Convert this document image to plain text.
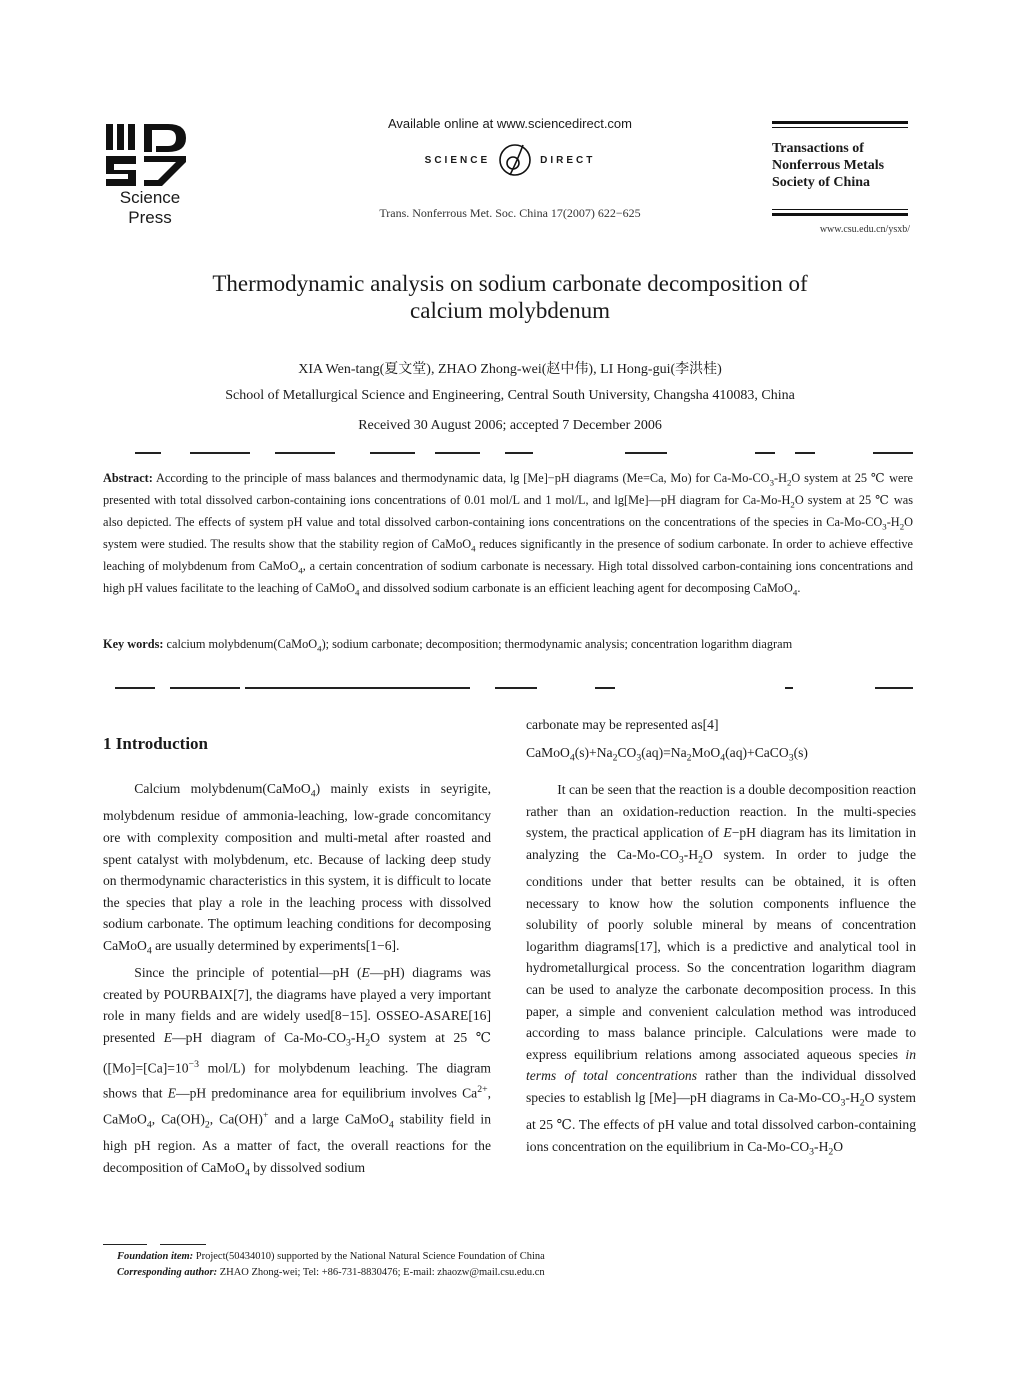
Science
Press
Available online at www.sciencedirect.com
SCIENCE	DIRECT
Trans. Nonferrous Met. Soc. China 17(2007) 622−625
Transactions of
Nonferrous Metals
Society of China
www.csu.edu.cn/ysxb/
Thermodynamic analysis on sodium carbonate decomposition of
calcium molybdenum
XIA Wen-tang(夏文堂), ZHAO Zhong-wei(赵中伟), LI Hong-gui(李洪桂)
School of Metallurgical Science and Engineering, Central South University, Changsha 410083, China
Received 30 August 2006; accepted 7 December 2006
Abstract: According to the principle of mass balances and thermodynamic data, lg [Me]−pH diagrams (Me=Ca, Mo) for $Ca-Mo-CO_3-H_2O$ system at 25 ℃ were presented with total dissolved carbon-containing ions concentrations of 0.01 mol/L and 1 mol/L, and lg[Me]—pH diagram for $Ca-Mo-H_2O$ system at 25 ℃ was also depicted. The effects of system pH value and total dissolved carbon-containing ions concentrations on the concentrations of the species in $Ca-Mo-CO_3-H_2O$ system were studied. The results show that the stability region of CaMoO$_4$ reduces significantly in the presence of sodium carbonate. In order to achieve effective leaching of molybdenum from CaMoO$_4$, a certain concentration of sodium carbonate is necessary. High total dissolved carbon-containing ions concentrations and high pH values facilitate to the leaching of CaMoO$_4$ and dissolved sodium carbonate is an efficient leaching agent for decomposing CaMoO$_4$.
Key words: calcium molybdenum(CaMoO$_4$); sodium carbonate; decomposition; thermodynamic analysis; concentration logarithm diagram
1 Introduction

Calcium molybdenum(CaMoO$_4$) mainly exists in seyrigite, molybdenum residue of ammonia-leaching, low-grade concomitancy ore with complexity composition and multi-metal after roasted and spent catalyst with molybdenum, etc. Because of lacking deep study on thermodynamic characteristics in this system, it is difficult to locate the species that play a role in the leaching process with dissolved sodium carbonate. The optimum leaching conditions for decomposing CaMoO$_4$ are usually determined by experiments[1−6].

Since the principle of potential—pH (E—pH) diagrams was created by POURBAIX[7], the diagrams have played a very important role in many fields and are widely used[8−15]. OSSEO-ASARE[16] presented E—pH diagram of $Ca-Mo-CO_3-H_2O$ system at 25 ℃ ($[Mo]=[Ca]=10^{-3}$ mol/L) for molybdenum leaching. The diagram shows that E—pH predominance area for equilibrium involves $Ca^{2+}$, CaMoO$_4$, $Ca(OH)_2$, Ca(OH)+ and a large CaMoO$_4$ stability field in high pH region. As a matter of fact, the overall reactions for the decomposition of CaMoO$_4$ by dissolved sodium

carbonate may be represented as[4]

$CaMoO_4(s)+Na_2CO_3(aq)=Na_2MoO_4(aq)+CaCO_3(s)$

It can be seen that the reaction is a double decomposition reaction rather than an oxidation-reduction reaction. In the multi-species system, the practical application of E−pH diagram has its limitation in analyzing the $Ca-Mo-CO_3-H_2O$ system. In order to judge the conditions under that better results can be obtained, it is often necessary to know how the solution components influence the solubility of poorly soluble mineral by means of concentration logarithm diagrams[17], which is a predictive and analytical tool in hydrometallurgical process. So the concentration logarithm diagram can be used to analyze the carbonate decomposition process. In this paper, a simple and convenient calculation method was introduced according to mass balance principle. Calculations were made to express equilibrium relations among associated aqueous species in terms of total concentrations rather than the individual dissolved species to establish lg [Me]—pH diagrams in $Ca-Mo-CO_3-H_2O$ system at 25 ℃. The effects of pH value and total dissolved carbon-containing ions concentration on the equilibrium in $Ca-Mo-CO_3-H_2O$

Foundation item: Project(50434010) supported by the National Natural Science Foundation of China
Corresponding author: ZHAO Zhong-wei; Tel: +86-731-8830476; E-mail: zhaozw@mail.csu.edu.cn
